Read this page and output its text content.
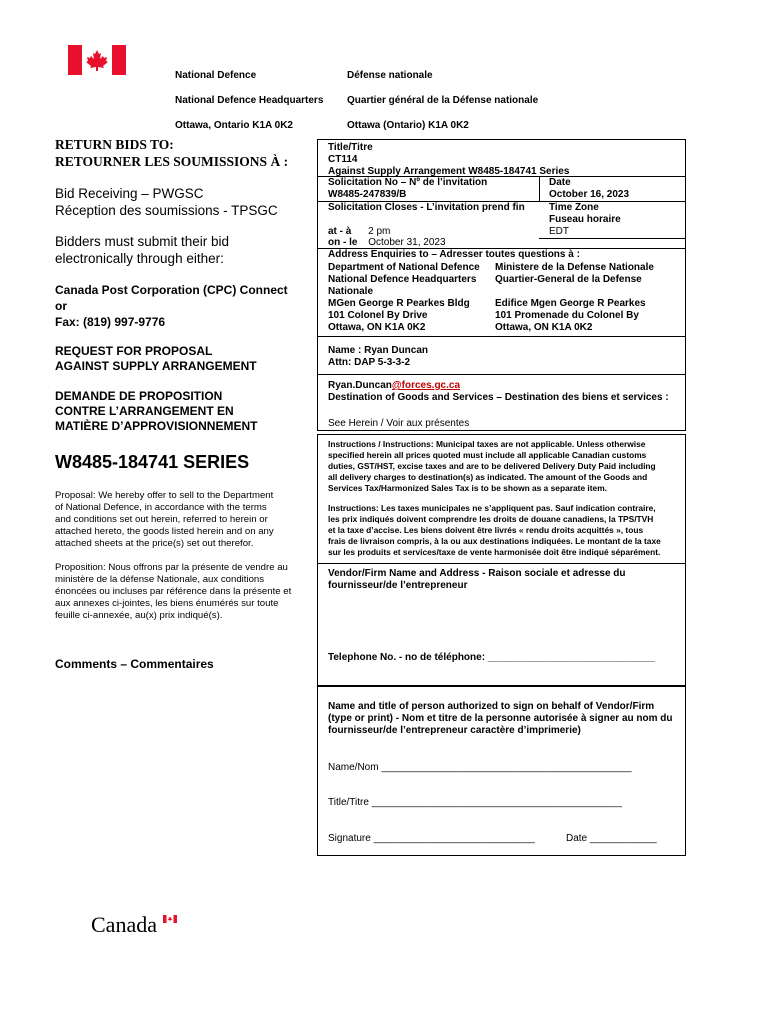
National Defence

National Defence Headquarters

Ottawa, Ontario K1A 0K2

Défense nationale

Quartier général de la Défense nationale

Ottawa (Ontario) K1A 0K2

RETURN BIDS TO:
RETOURNER LES SOUMISSIONS À :
Bid Receiving – PWGSC
Réception des soumissions - TPSGC
Bidders must submit their bid
electronically through either:
Canada Post Corporation (CPC) Connect
or
Fax: (819) 997-9776
REQUEST FOR PROPOSAL
AGAINST SUPPLY ARRANGEMENT
DEMANDE DE PROPOSITION
CONTRE L’ARRANGEMENT EN
MATIÈRE D’APPROVISIONNEMENT
W8485-184741 SERIES
Proposal: We hereby offer to sell to the Department
of National Defence, in accordance with the terms
and conditions set out herein, referred to herein or
attached hereto, the goods listed herein and on any
attached sheets at the price(s) set out therefor.
Proposition: Nous offrons par la présente de vendre au
ministère de la défense Nationale, aux conditions
énoncées ou incluses par référence dans la présente et
aux annexes ci-jointes, les biens énumérés sur toute
feuille ci-annexée, au(x) prix indiqué(s).
Comments – Commentaires
Title/Titre
CT114
Against Supply Arrangement W8485-184741 Series
Solicitation No – Nº de l’invitation
W8485-247839/B
Date
October 16, 2023
Solicitation Closes - L’invitation prend fin Time Zone
Fuseau horaire
EDT
at - à 2 pm
on - le October 31, 2023
Address Enquiries to – Adresser toutes questions à :
Department of National Defence
National Defence Headquarters
Nationale
MGen George R Pearkes Bldg
101 Colonel By Drive
Ottawa, ON K1A 0K2
Ministere de la Defense Nationale
Quartier-General de la Defense
Edifice Mgen George R Pearkes
101 Promenade du Colonel By
Ottawa, ON K1A 0K2
Name : Ryan Duncan
Attn: DAP 5-3-3-2
Ryan.Duncan@forces.gc.ca
Destination of Goods and Services – Destination des biens et services :
See Herein / Voir aux présentes
Instructions / Instructions: Municipal taxes are not applicable. Unless otherwise
specified herein all prices quoted must include all applicable Canadian customs
duties, GST/HST, excise taxes and are to be delivered Delivery Duty Paid including
all delivery charges to destination(s) as indicated. The amount of the Goods and
Services Tax/Harmonized Sales Tax is to be shown as a separate item.
Instructions: Les taxes municipales ne s’appliquent pas. Sauf indication contraire,
les prix indiqués doivent comprendre les droits de douane canadiens, la TPS/TVH
et la taxe d’accise. Les biens doivent être livrés « rendu droits acquittés », tous
frais de livraison compris, à la ou aux destinations indiquées. Le montant de la taxe
sur les produits et services/taxe de vente harmonisée doit être indiqué séparément.
Vendor/Firm Name and Address - Raison sociale et adresse du
fournisseur/de l’entrepreneur
Telephone No. - no de téléphone: ______________________________
Name and title of person authorized to sign on behalf of Vendor/Firm
(type or print) - Nom et titre de la personne autorisée à signer au nom du
fournisseur/de l’entrepreneur caractère d’imprimerie)
Name/Nom _____________________________________________
Title/Titre _____________________________________________
Signature _____________________________	Date ____________
Canada
